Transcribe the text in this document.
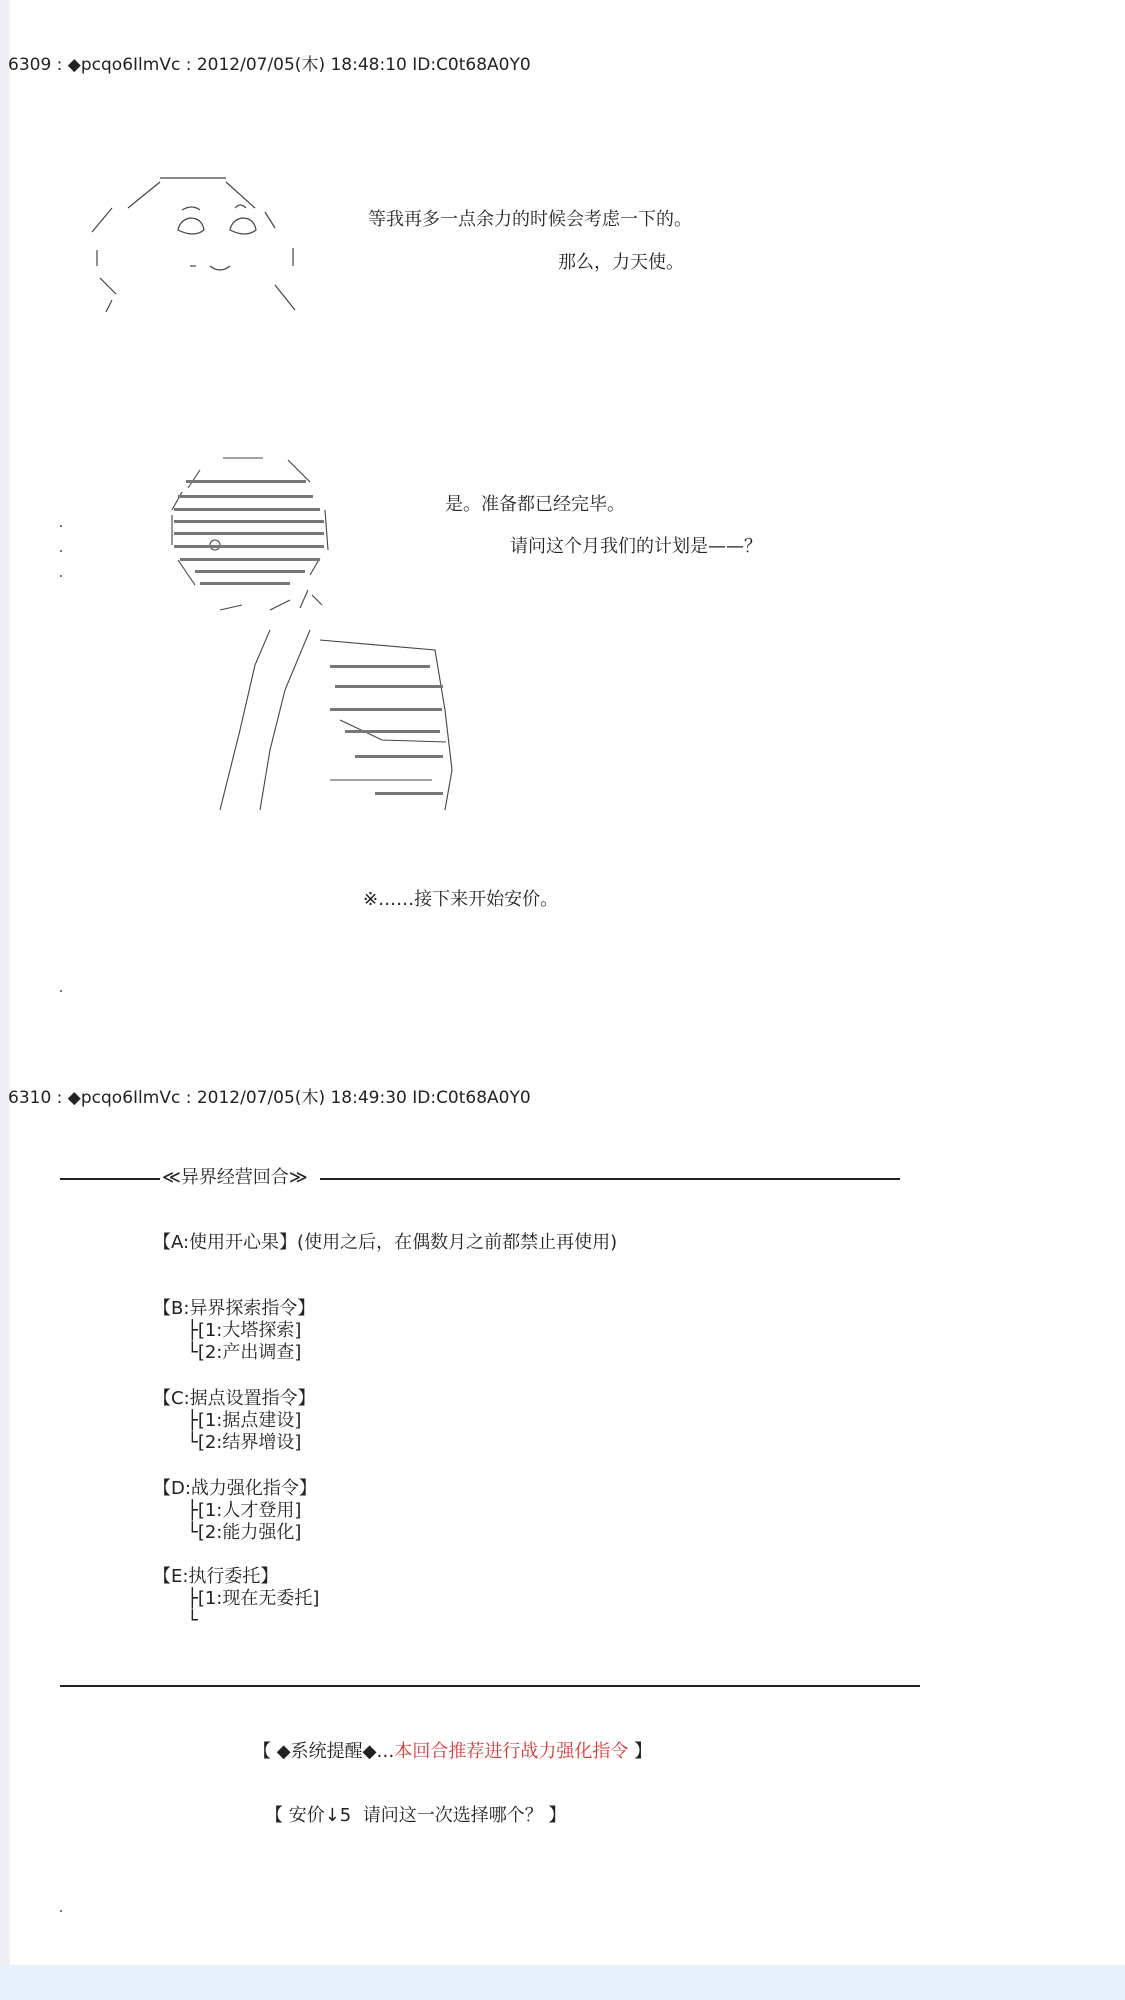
6309 : ◆pcqo6IlmVc : 2012/07/05(木) 18:48:10 ID:C0t68A0Y0
等我再多一点余力的时候会考虑一下的。
那么，力天使。
是。准备都已经完毕。
请问这个月我们的计划是——？
※……接下来开始安价。
6310 : ◆pcqo6IlmVc : 2012/07/05(木) 18:49:30 ID:C0t68A0Y0
≪异界经营回合≫
【A:使用开心果】(使用之后，在偶数月之前都禁止再使用)
【B:异界探索指令】
├[1:大塔探索]
└[2:产出调查]
【C:据点设置指令】
├[1:据点建设]
└[2:结界增设]
【D:战力强化指令】
├[1:人才登用]
└[2:能力强化]
【E:执行委托】
├[1:现在无委托]
└
【 ◆系统提醒◆…本回合推荐进行战力强化指令 】
【 安价↓5  请问这一次选择哪个？ 】
